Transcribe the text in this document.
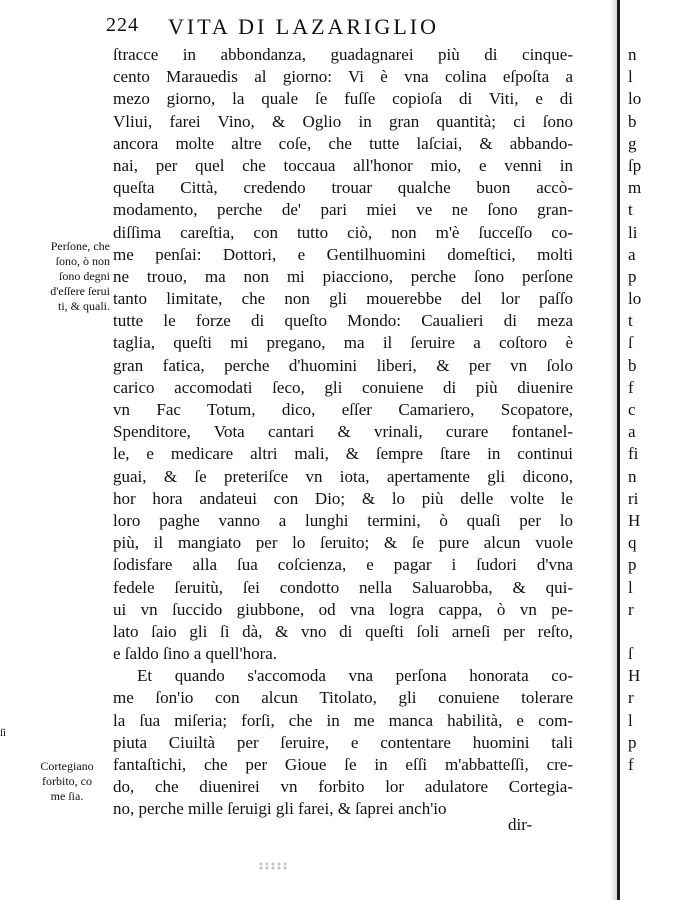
224 VITA DI LAZARIGLIO
ſtracce in abbondanza, guadagnarei più di cinque-
cento Marauedis al giorno: Vi è vna colina eſpoſta a
mezo giorno, la quale ſe fuſſe copioſa di Viti, e di
Vliui, farei Vino, & Oglio in gran quantità; ci ſono
ancora molte altre coſe, che tutte laſciai, & abbando-
nai, per quel che toccaua all'honor mio, e venni in
queſta Città, credendo trouar qualche buon accò-
modamento, perche de' pari miei ve ne ſono gran-
diſſima careſtia, con tutto ciò, non m'è ſucceſſo co-
me penſai: Dottori, e Gentilhuomini domeſtici, molti
ne trouo, ma non mi piacciono, perche ſono perſone
tanto limitate, che non gli mouerebbe del lor paſſo
tutte le forze di queſto Mondo: Caualieri di meza
taglia, queſti mi pregano, ma il ſeruire a coſtoro è
gran fatica, perche d'huomini liberi, & per vn ſolo
carico accomodati ſeco, gli conuiene di più diuenire
vn Fac Totum, dico, eſſer Camariero, Scopatore,
Spenditore, Vota cantari & vrinali, curare fontanel-
le, e medicare altri mali, & ſempre ſtare in continui
guai, & ſe preteriſce vn iota, apertamente gli dicono,
hor hora andateui con Dio; & lo più delle volte le
loro paghe vanno a lunghi termini, ò quaſi per lo
più, il mangiato per lo ſeruito; & ſe pure alcun vuole
ſodisfare alla ſua coſcienza, e pagar i ſudori d'vna
fedele ſeruitù, ſei condotto nella Saluarobba, & qui-
ui vn ſuccido giubbone, od vna logra cappa, ò vn pe-
lato ſaio gli ſi dà, & vno di queſti ſoli arneſi per reſto,
e ſaldo ſino a quell'hora.
Et quando s'accomoda vna perſona honorata co-
me ſon'io con alcun Titolato, gli conuiene tolerare
la ſua miſeria; forſi, che in me manca habilità, e com-
piuta Ciuiltà per ſeruire, e contentare huomini tali
fantaſtichi, che per Gioue ſe in eſſi m'abbatteſſi, cre-
do, che diuenirei vn forbito lor adulatore Cortegia-
no, perche mille ſeruigi gli farei, & ſaprei anch'io
dir-
Perſone, che
ſono, ò non
ſono degni
d'eſſere ſerui
ti, & quali.
Cortegiano
forbito, co
me ſia.
ſi
n
l
lo
b
g
ſp
m
t
li
a
p
lo
t
ſ
b
f
c
a
fi
n
ri
H
q
p
l
r
ſ
H
r
l
p
f
